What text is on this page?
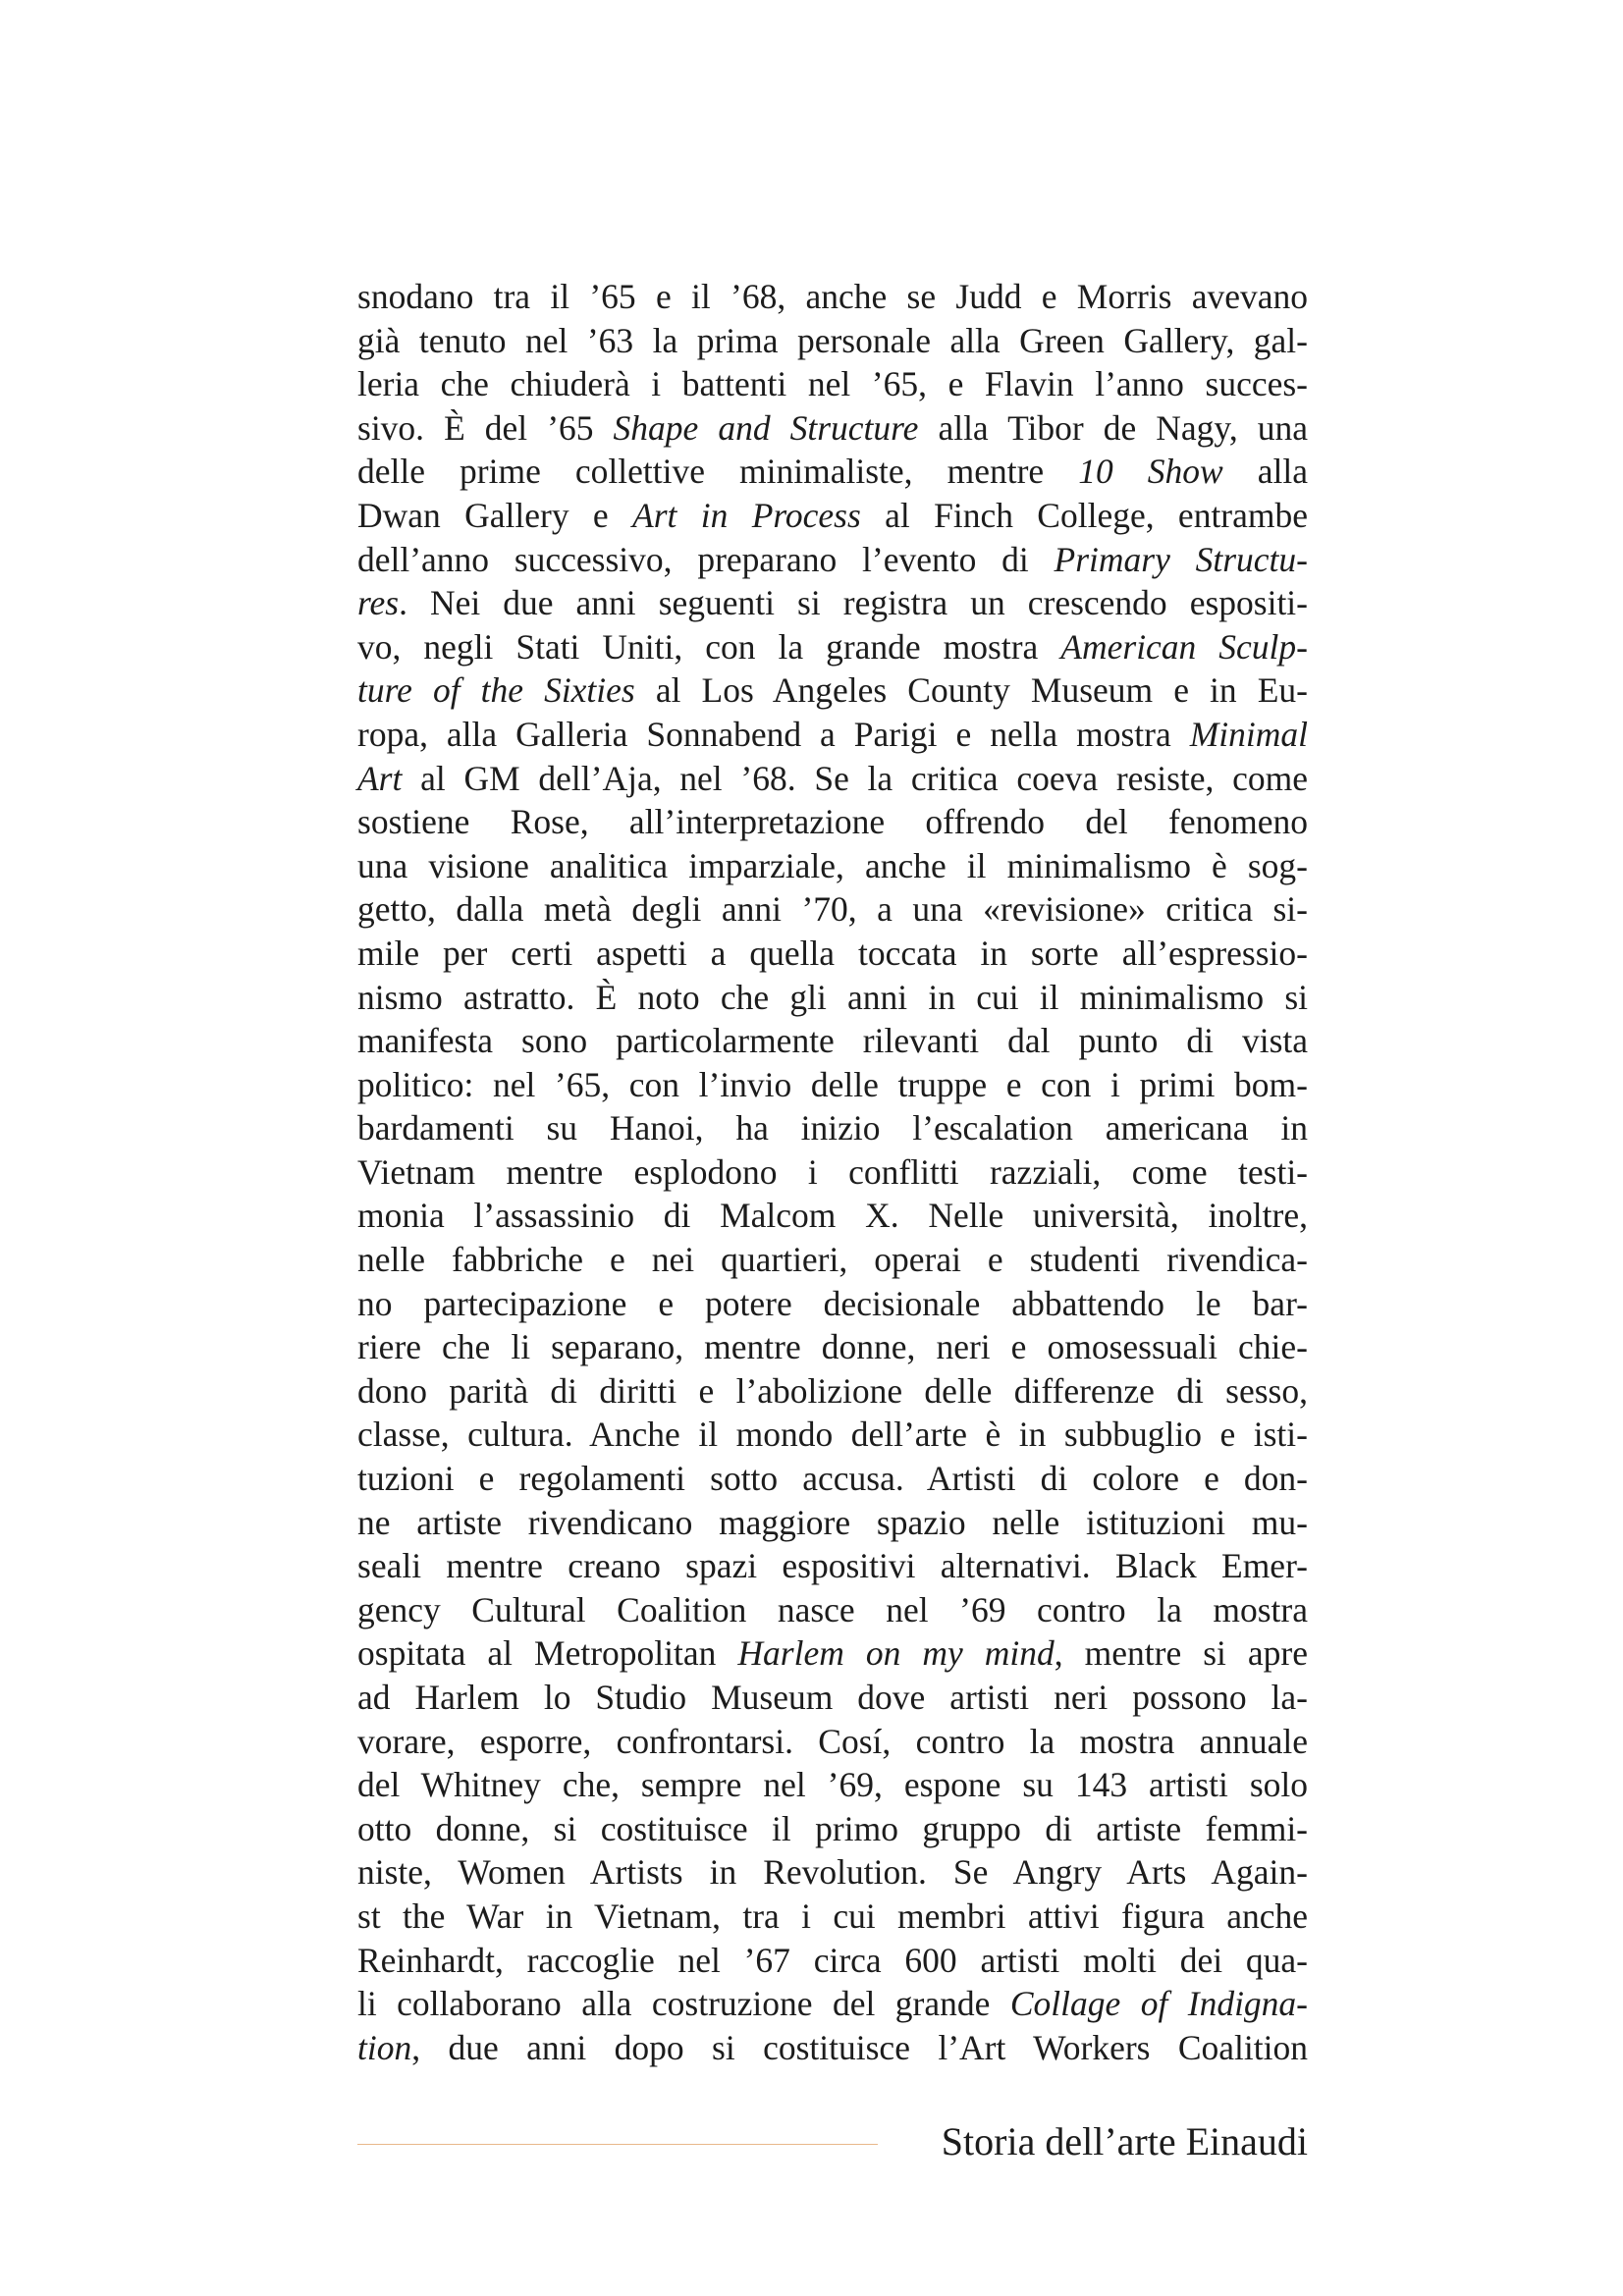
snodano tra il ’65 e il ’68, anche se Judd e Morris avevano
già tenuto nel ’63 la prima personale alla Green Gallery, gal-
leria che chiuderà i battenti nel ’65, e Flavin l’anno succes-
sivo. È del ’65 Shape and Structure alla Tibor de Nagy, una
delle prime collettive minimaliste, mentre 10 Show alla
Dwan Gallery e Art in Process al Finch College, entrambe
dell’anno successivo, preparano l’evento di Primary Structu-
res. Nei due anni seguenti si registra un crescendo espositi-
vo, negli Stati Uniti, con la grande mostra American Sculp-
ture of the Sixties al Los Angeles County Museum e in Eu-
ropa, alla Galleria Sonnabend a Parigi e nella mostra Minimal
Art al GM dell’Aja, nel ’68. Se la critica coeva resiste, come
sostiene Rose, all’interpretazione offrendo del fenomeno
una visione analitica imparziale, anche il minimalismo è sog-
getto, dalla metà degli anni ’70, a una «revisione» critica si-
mile per certi aspetti a quella toccata in sorte all’espressio-
nismo astratto. È noto che gli anni in cui il minimalismo si
manifesta sono particolarmente rilevanti dal punto di vista
politico: nel ’65, con l’invio delle truppe e con i primi bom-
bardamenti su Hanoi, ha inizio l’escalation americana in
Vietnam mentre esplodono i conflitti razziali, come testi-
monia l’assassinio di Malcom X. Nelle università, inoltre,
nelle fabbriche e nei quartieri, operai e studenti rivendica-
no partecipazione e potere decisionale abbattendo le bar-
riere che li separano, mentre donne, neri e omosessuali chie-
dono parità di diritti e l’abolizione delle differenze di sesso,
classe, cultura. Anche il mondo dell’arte è in subbuglio e isti-
tuzioni e regolamenti sotto accusa. Artisti di colore e don-
ne artiste rivendicano maggiore spazio nelle istituzioni mu-
seali mentre creano spazi espositivi alternativi. Black Emer-
gency Cultural Coalition nasce nel ’69 contro la mostra
ospitata al Metropolitan Harlem on my mind, mentre si apre
ad Harlem lo Studio Museum dove artisti neri possono la-
vorare, esporre, confrontarsi. Cosí, contro la mostra annuale
del Whitney che, sempre nel ’69, espone su 143 artisti solo
otto donne, si costituisce il primo gruppo di artiste femmi-
niste, Women Artists in Revolution. Se Angry Arts Again-
st the War in Vietnam, tra i cui membri attivi figura anche
Reinhardt, raccoglie nel ’67 circa 600 artisti molti dei qua-
li collaborano alla costruzione del grande Collage of Indigna-
tion, due anni dopo si costituisce l’Art Workers Coalition
Storia dell’arte Einaudi
